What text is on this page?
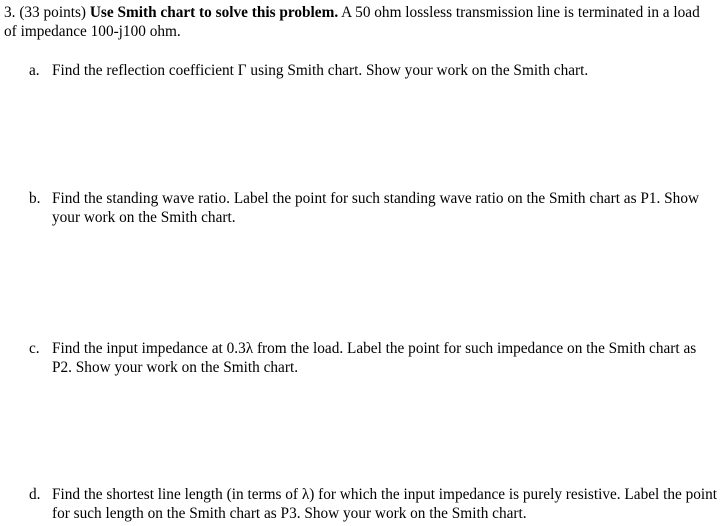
3. (33 points) Use Smith chart to solve this problem. A 50 ohm lossless transmission line is terminated in a load of impedance 100-j100 ohm.
a. Find the reflection coefficient Γ using Smith chart. Show your work on the Smith chart.
b. Find the standing wave ratio. Label the point for such standing wave ratio on the Smith chart as P1. Show your work on the Smith chart.
c. Find the input impedance at 0.3λ from the load. Label the point for such impedance on the Smith chart as P2. Show your work on the Smith chart.
d. Find the shortest line length (in terms of λ) for which the input impedance is purely resistive. Label the point for such length on the Smith chart as P3. Show your work on the Smith chart.
